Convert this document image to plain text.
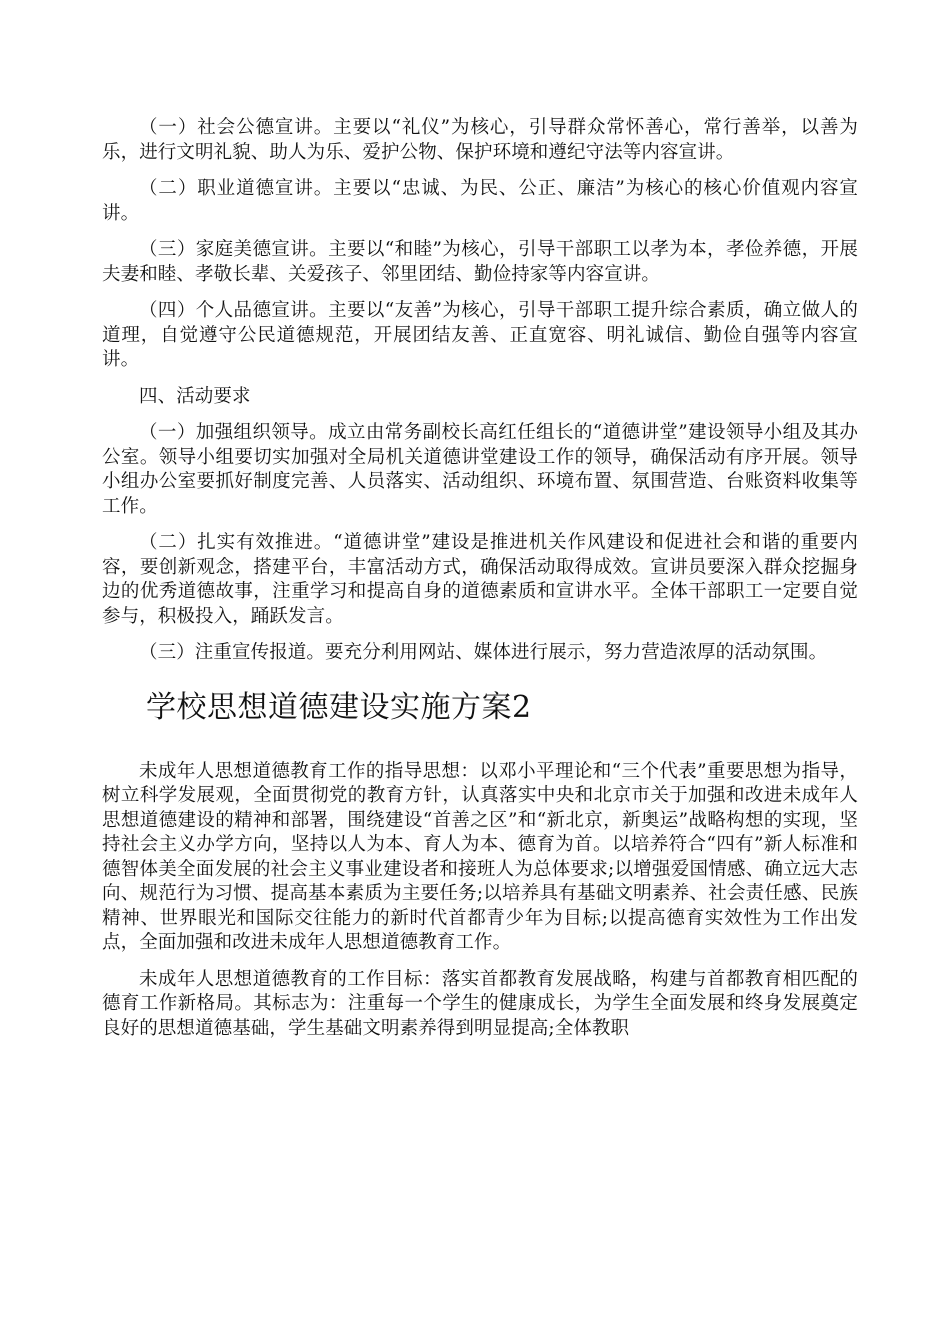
（一）社会公德宣讲。主要以“礼仪”为核心，引导群众常怀善心，常行善举，以善为乐，进行文明礼貌、助人为乐、爱护公物、保护环境和遵纪守法等内容宣讲。

（二）职业道德宣讲。主要以“忠诚、为民、公正、廉洁”为核心的核心价值观内容宣讲。

（三）家庭美德宣讲。主要以“和睦”为核心，引导干部职工以孝为本，孝俭养德，开展夫妻和睦、孝敬长辈、关爱孩子、邻里团结、勤俭持家等内容宣讲。

（四）个人品德宣讲。主要以“友善”为核心，引导干部职工提升综合素质，确立做人的道理，自觉遵守公民道德规范，开展团结友善、正直宽容、明礼诚信、勤俭自强等内容宣讲。

四、活动要求

（一）加强组织领导。成立由常务副校长高红任组长的“道德讲堂”建设领导小组及其办公室。领导小组要切实加强对全局机关道德讲堂建设工作的领导，确保活动有序开展。领导小组办公室要抓好制度完善、人员落实、活动组织、环境布置、氛围营造、台账资料收集等工作。

（二）扎实有效推进。“道德讲堂”建设是推进机关作风建设和促进社会和谐的重要内容，要创新观念，搭建平台，丰富活动方式，确保活动取得成效。宣讲员要深入群众挖掘身边的优秀道德故事，注重学习和提高自身的道德素质和宣讲水平。全体干部职工一定要自觉参与，积极投入，踊跃发言。

（三）注重宣传报道。要充分利用网站、媒体进行展示，努力营造浓厚的活动氛围。

学校思想道德建设实施方案2

未成年人思想道德教育工作的指导思想：以邓小平理论和“三个代表”重要思想为指导，树立科学发展观，全面贯彻党的教育方针，认真落实中央和北京市关于加强和改进未成年人思想道德建设的精神和部署，围绕建设“首善之区”和“新北京，新奥运”战略构想的实现，坚持社会主义办学方向，坚持以人为本、育人为本、德育为首。以培养符合“四有”新人标准和德智体美全面发展的社会主义事业建设者和接班人为总体要求;以增强爱国情感、确立远大志向、规范行为习惯、提高基本素质为主要任务;以培养具有基础文明素养、社会责任感、民族精神、世界眼光和国际交往能力的新时代首都青少年为目标;以提高德育实效性为工作出发点，全面加强和改进未成年人思想道德教育工作。

未成年人思想道德教育的工作目标：落实首都教育发展战略，构建与首都教育相匹配的德育工作新格局。其标志为：注重每一个学生的健康成长，为学生全面发展和终身发展奠定良好的思想道德基础，学生基础文明素养得到明显提高;全体教职
